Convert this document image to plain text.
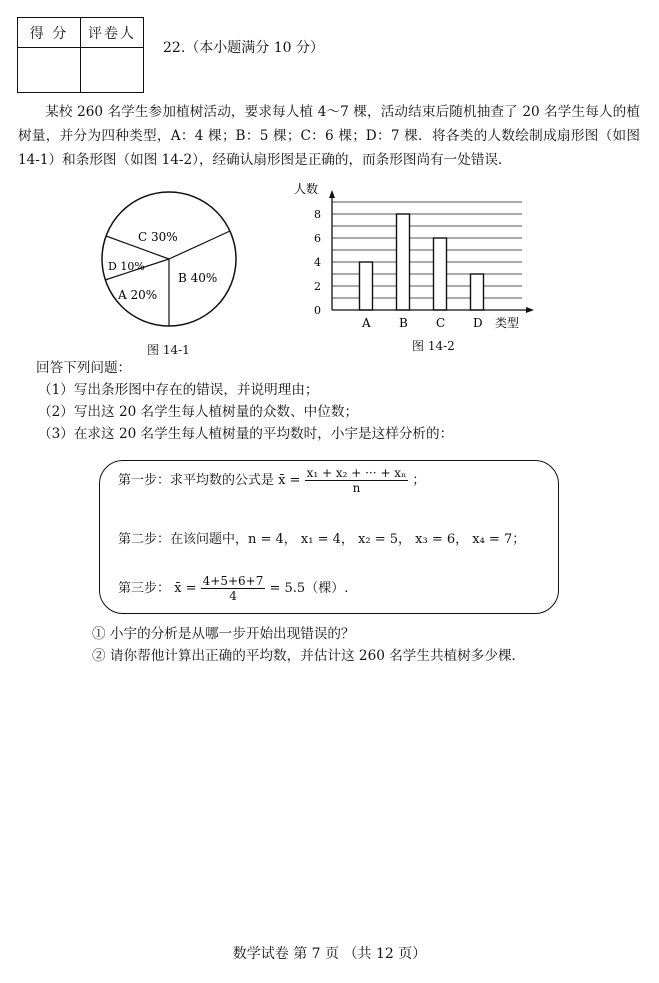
得 分	评卷人

22.（本小题满分 10 分）
某校 260 名学生参加植树活动，要求每人植 4～7 棵，活动结束后随机抽查了 20 名学生每人的植树量，并分为四种类型，A：4 棵；B：5 棵；C：6 棵；D：7 棵．将各类的人数绘制成扇形图（如图 14-1）和条形图（如图 14-2），经确认扇形图是正确的，而条形图尚有一处错误．
C 30%
D 10%
A 20%
B 40%
图 14-1
0
2
4
6
8
A B C D
人数
类型
图 14-2
回答下列问题：
（1）写出条形图中存在的错误，并说明理由；
（2）写出这 20 名学生每人植树量的众数、中位数；
（3）在求这 20 名学生每人植树量的平均数时，小宇是这样分析的：
第一步：求平均数的公式是 x̄ = $\frac{\text{x₁ + x₂ + ··· + xₙ}}{n}$ ；
第二步：在该问题中，n = 4， x₁ = 4， x₂ = 5， x₃ = 6， x₄ = 7；
第三步： x̄ = $\frac{4+5+6+7}{4} = 5.5$（棵）.
① 小宇的分析是从哪一步开始出现错误的？
② 请你帮他计算出正确的平均数，并估计这 260 名学生共植树多少棵．
数学试卷 第 7 页 （共 12 页）
